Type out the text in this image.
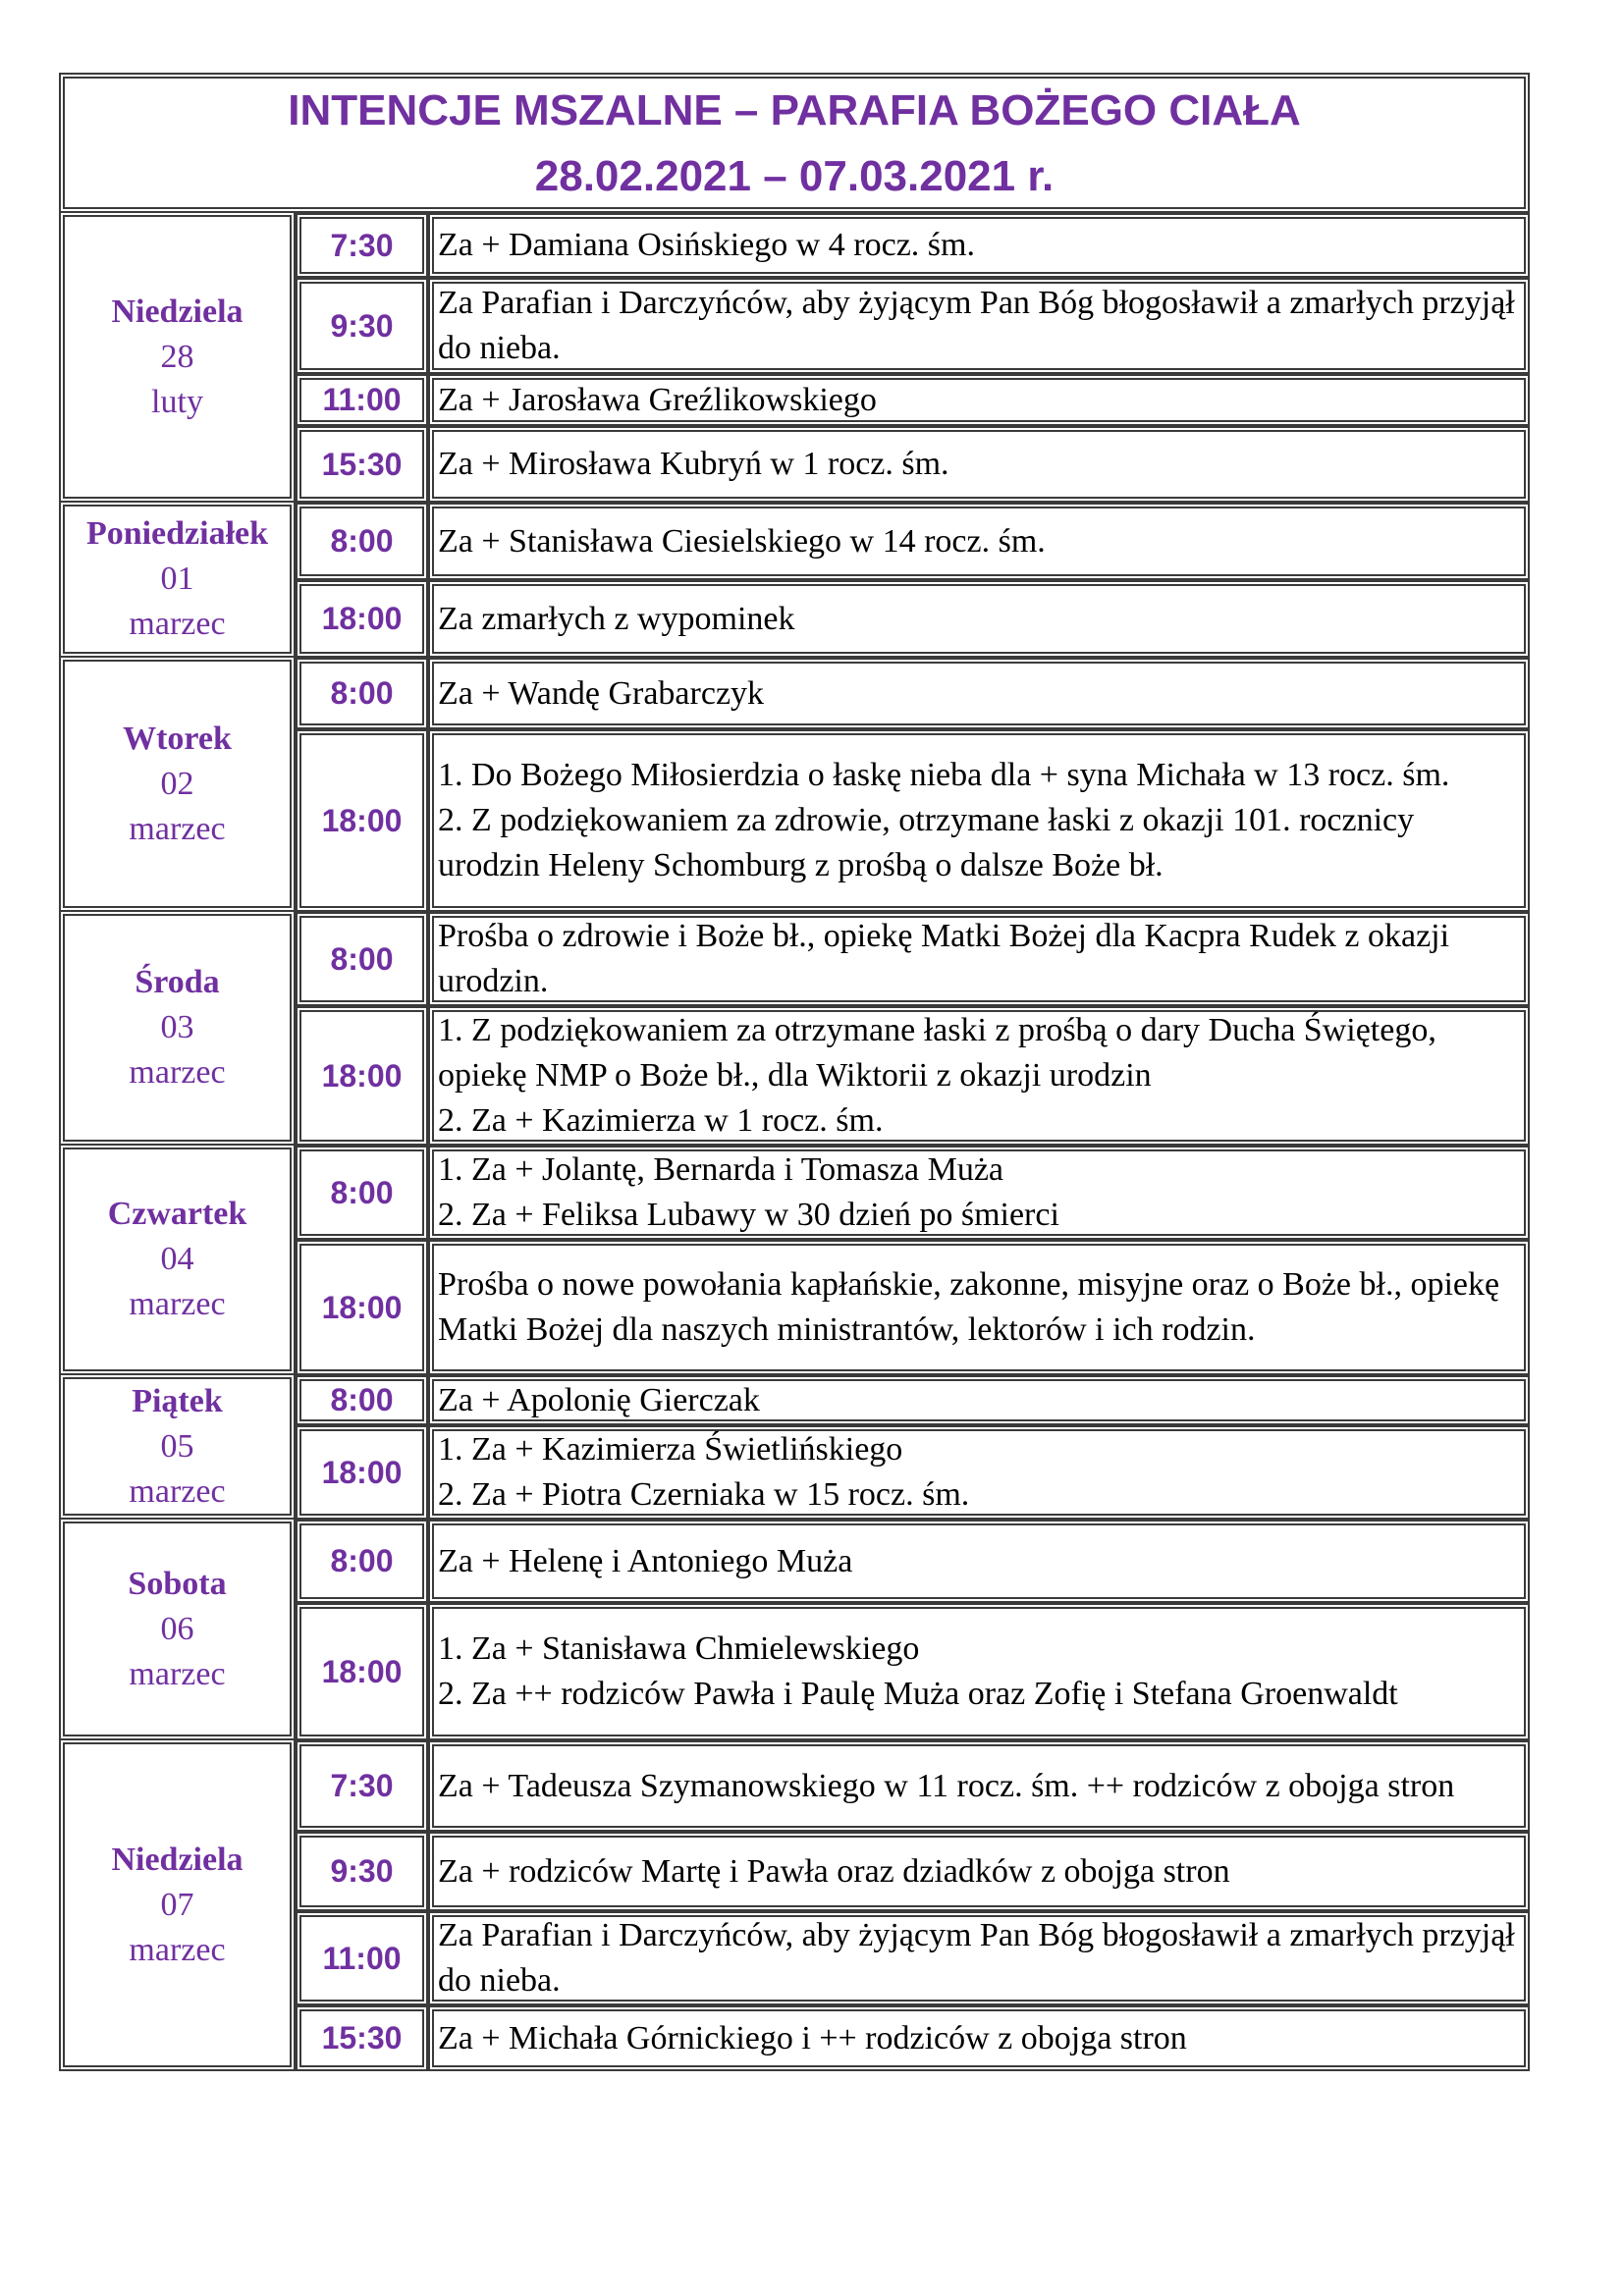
INTENCJE MSZALNE – PARAFIA BOŻEGO CIAŁA
28.02.2021 – 07.03.2021 r.		

Niedziela
28
luty	7:30	Za + Damiana Osińskiego w 4 rocz. śm.

	9:30	Za Parafian i Darczyńców, aby żyjącym Pan Bóg błogosławił a zmarłych przyjął do nieba.

	11:00	Za + Jarosława Greźlikowskiego

	15:30	Za + Mirosława Kubryń w 1 rocz. śm.

Poniedziałek
01
marzec	8:00	Za + Stanisława Ciesielskiego w 14 rocz. śm.

	18:00	Za zmarłych z wypominek

Wtorek
02
marzec	8:00	Za + Wandę Grabarczyk

	18:00	1. Do Bożego Miłosierdzia o łaskę nieba dla + syna Michała w 13 rocz. śm.
2. Z podziękowaniem za zdrowie, otrzymane łaski z okazji 101. rocznicy urodzin Heleny Schomburg z prośbą o dalsze Boże bł.

Środa
03
marzec	8:00	Prośba o zdrowie i Boże bł., opiekę Matki Bożej dla Kacpra Rudek z okazji urodzin.

	18:00	1. Z podziękowaniem za otrzymane łaski z prośbą o dary Ducha Świętego, opiekę NMP o Boże bł., dla Wiktorii z okazji urodzin
2. Za + Kazimierza w 1 rocz. śm.

Czwartek
04
marzec	8:00	1. Za + Jolantę, Bernarda i Tomasza Muża
2. Za + Feliksa Lubawy w 30 dzień po śmierci

	18:00	Prośba o nowe powołania kapłańskie, zakonne, misyjne oraz o Boże bł., opiekę Matki Bożej dla naszych ministrantów, lektorów i ich rodzin.

Piątek
05
marzec	8:00	Za + Apolonię Gierczak

	18:00	1. Za + Kazimierza Świetlińskiego
2. Za + Piotra Czerniaka w 15 rocz. śm.

Sobota
06
marzec	8:00	Za + Helenę i Antoniego Muża

	18:00	1. Za + Stanisława Chmielewskiego
2. Za ++ rodziców Pawła i Paulę Muża oraz Zofię i Stefana Groenwaldt

Niedziela
07
marzec	7:30	Za + Tadeusza Szymanowskiego w 11 rocz. śm. ++ rodziców z obojga stron

	9:30	Za + rodziców Martę i Pawła oraz dziadków z obojga stron

	11:00	Za Parafian i Darczyńców, aby żyjącym Pan Bóg błogosławił a zmarłych przyjął do nieba.

	15:30	Za + Michała Górnickiego i ++ rodziców z obojga stron
